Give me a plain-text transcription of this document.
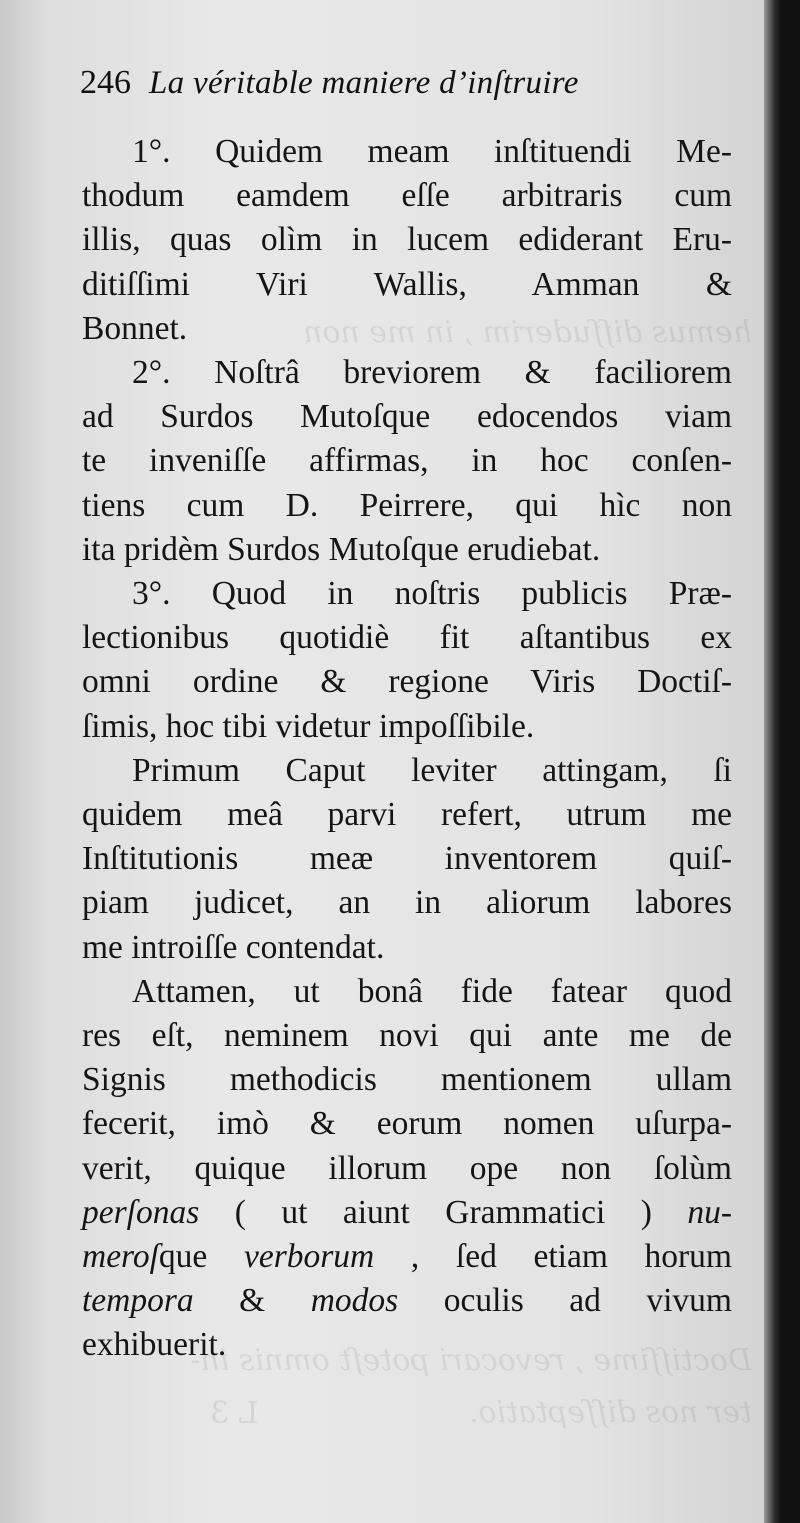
hemus diſſuderim , in me non
Doctiſſime , revocari poteſt omnis in-
ter nos diſſeptatio.
L 3
246 La véritable maniere d’inſtruire
1°. Quidem meam inſtituendi Me-
thodum eamdem eſſe arbitraris cum
illis, quas olìm in lucem ediderant Eru-
ditiſſimi Viri Wallis, Amman &
Bonnet.
2°. Noſtrâ breviorem & faciliorem
ad Surdos Mutoſque edocendos viam
te inveniſſe affirmas, in hoc conſen-
tiens cum D. Peirrere, qui hìc non
ita pridèm Surdos Mutoſque erudiebat.
3°. Quod in noſtris publicis Præ-
lectionibus quotidiè fit aſtantibus ex
omni ordine & regione Viris Doctiſ-
ſimis, hoc tibi videtur impoſſibile.
Primum Caput leviter attingam, ſi
quidem meâ parvi refert, utrum me
Inſtitutionis meæ inventorem quiſ-
piam judicet, an in aliorum labores
me introiſſe contendat.
Attamen, ut bonâ fide fatear quod
res eſt, neminem novi qui ante me de
Signis methodicis mentionem ullam
fecerit, imò & eorum nomen uſurpa-
verit, quique illorum ope non ſolùm
perſonas ( ut aiunt Grammatici ) nu-
meroſque verborum , ſed etiam horum
tempora & modos oculis ad vivum
exhibuerit.
